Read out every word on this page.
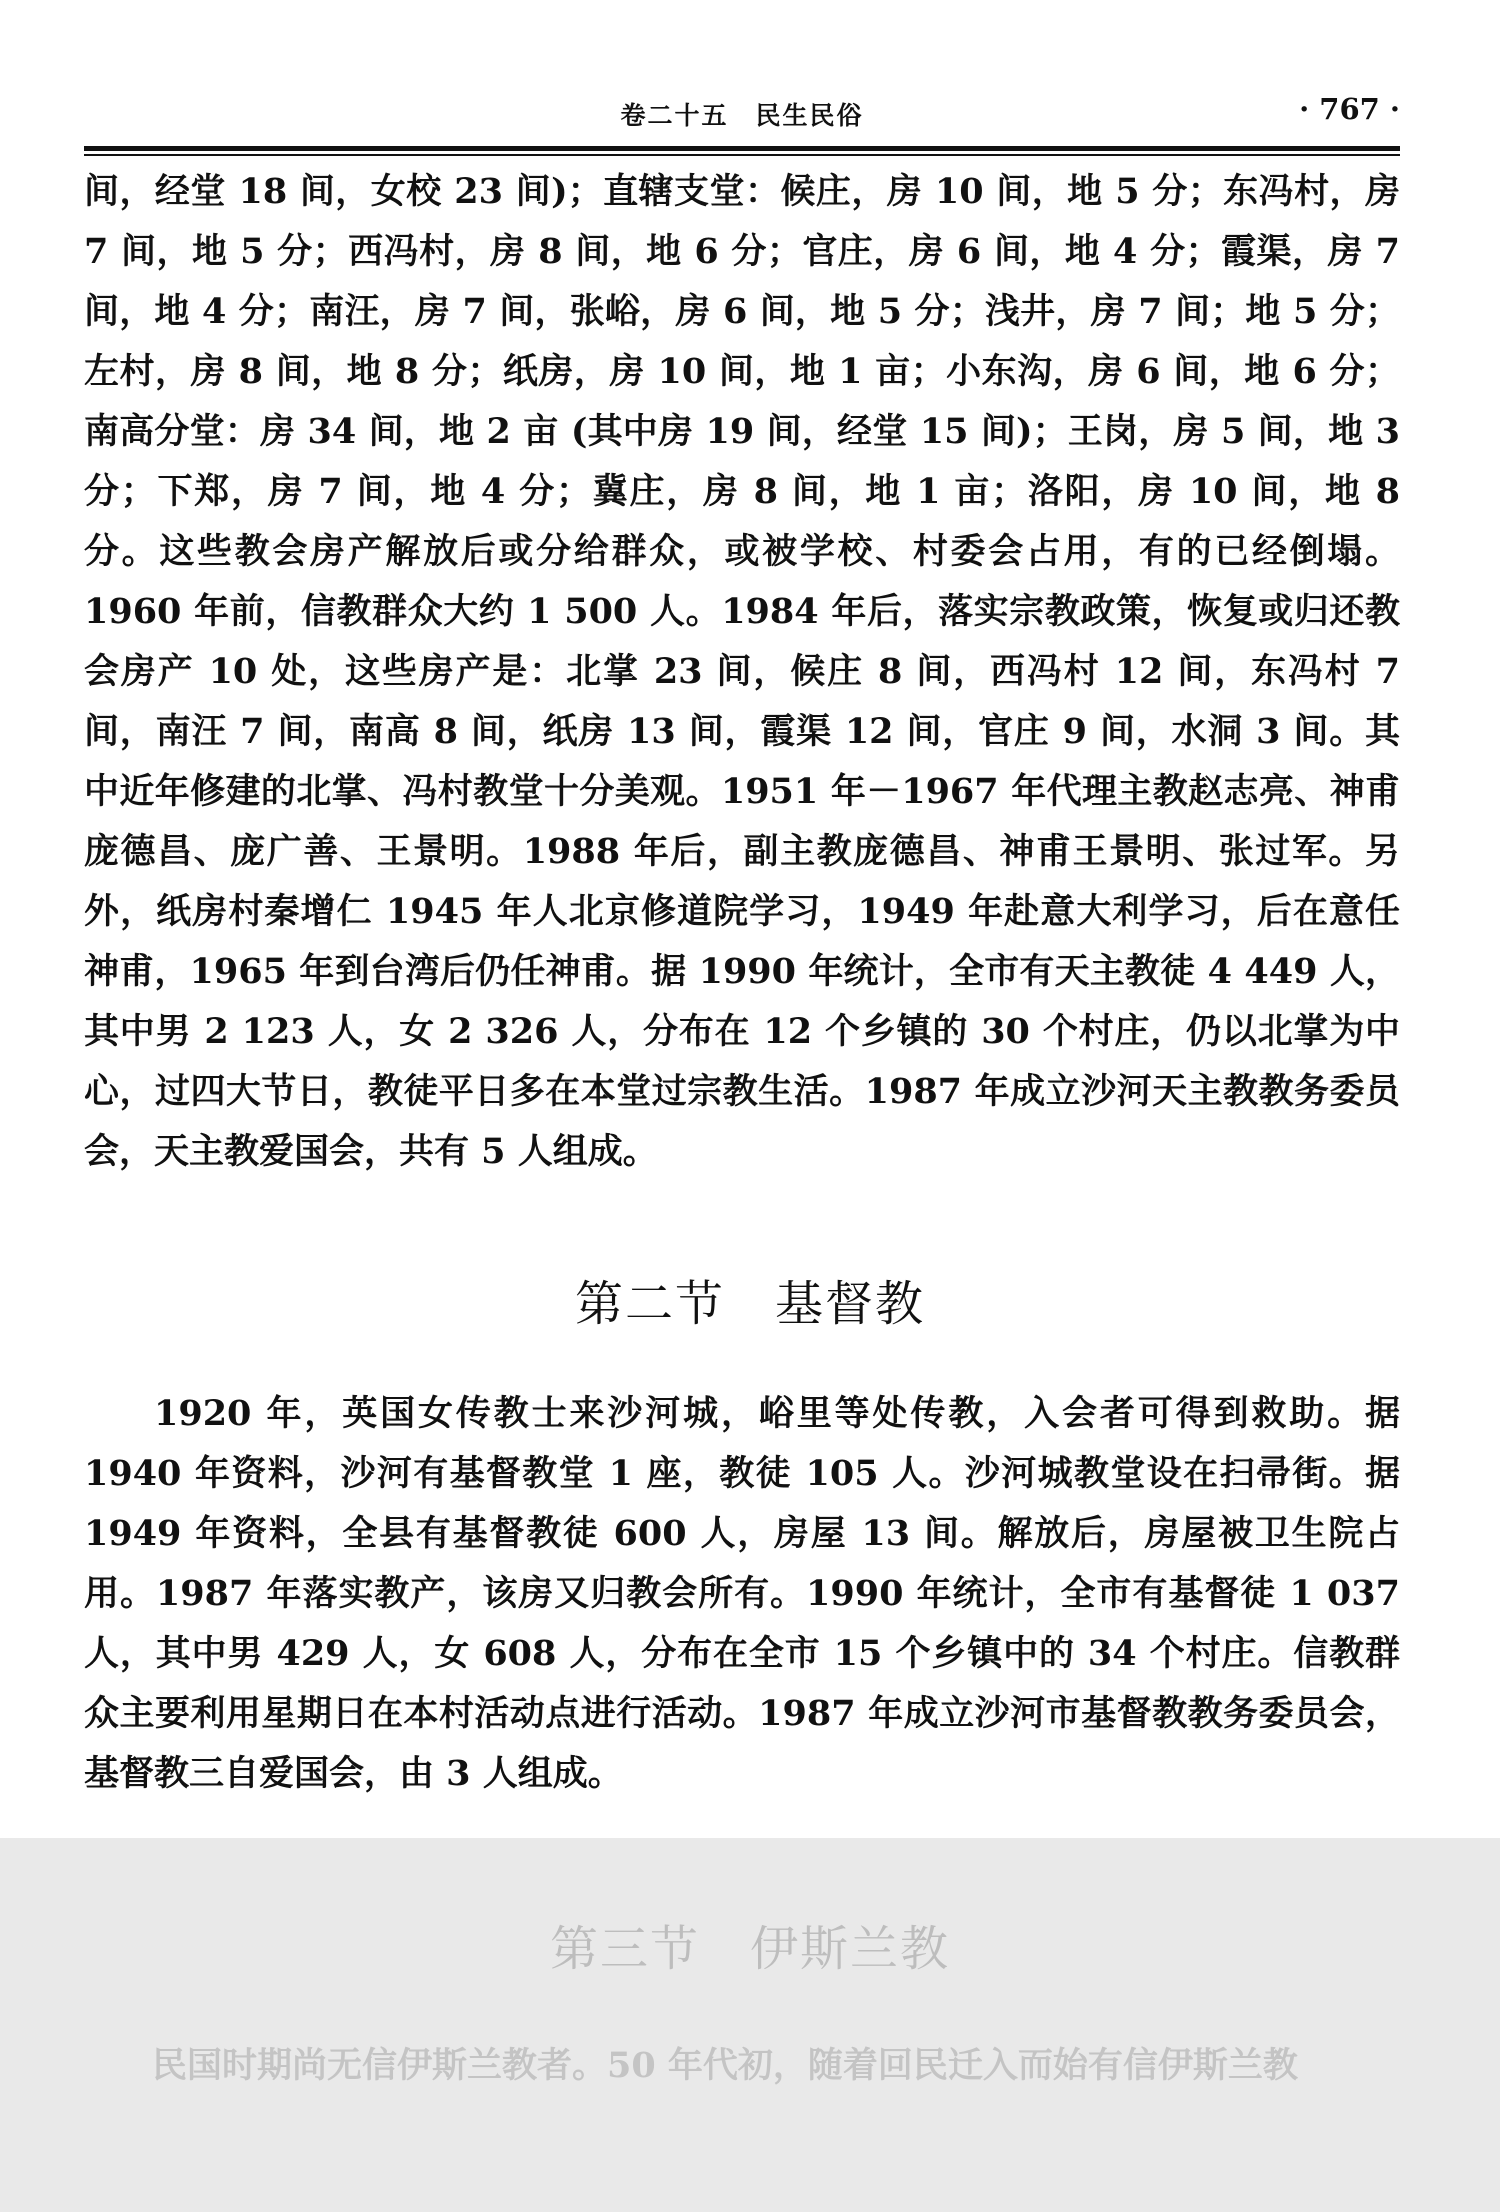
卷二十五　民生民俗	· 767 ·

间，经堂 18 间，女校 23 间)；直辖支堂：候庄，房 10 间，地 5 分；东冯村，房 7 间，地 5 分；西冯村，房 8 间，地 6 分；官庄，房 6 间，地 4 分；霞渠，房 7 间，地 4 分；南汪，房 7 间，张峪，房 6 间，地 5 分；浅井，房 7 间；地 5 分；左村，房 8 间，地 8 分；纸房，房 10 间，地 1 亩；小东沟，房 6 间，地 6 分；南高分堂：房 34 间，地 2 亩 (其中房 19 间，经堂 15 间)；王岗，房 5 间，地 3 分；下郑，房 7 间，地 4 分；冀庄，房 8 间，地 1 亩；洛阳，房 10 间，地 8 分。这些教会房产解放后或分给群众，或被学校、村委会占用，有的已经倒塌。1960 年前，信教群众大约 1 500 人。1984 年后，落实宗教政策，恢复或归还教会房产 10 处，这些房产是：北掌 23 间，候庄 8 间，西冯村 12 间，东冯村 7 间，南汪 7 间，南高 8 间，纸房 13 间，霞渠 12 间，官庄 9 间，水洞 3 间。其中近年修建的北掌、冯村教堂十分美观。1951 年－1967 年代理主教赵志亮、神甫庞德昌、庞广善、王景明。1988 年后，副主教庞德昌、神甫王景明、张过军。另外，纸房村秦增仁 1945 年人北京修道院学习，1949 年赴意大利学习，后在意任神甫，1965 年到台湾后仍任神甫。据 1990 年统计，全市有天主教徒 4 449 人，其中男 2 123 人，女 2 326 人，分布在 12 个乡镇的 30 个村庄，仍以北掌为中心，过四大节日，教徒平日多在本堂过宗教生活。1987 年成立沙河天主教教务委员会，天主教爱国会，共有 5 人组成。

第二节　基督教

1920 年，英国女传教士来沙河城，峪里等处传教，入会者可得到救助。据 1940 年资料，沙河有基督教堂 1 座，教徒 105 人。沙河城教堂设在扫帚街。据 1949 年资料，全县有基督教徒 600 人，房屋 13 间。解放后，房屋被卫生院占用。1987 年落实教产，该房又归教会所有。1990 年统计，全市有基督徒 1 037 人，其中男 429 人，女 608 人，分布在全市 15 个乡镇中的 34 个村庄。信教群众主要利用星期日在本村活动点进行活动。1987 年成立沙河市基督教教务委员会，基督教三自爱国会，由 3 人组成。

第三节　伊斯兰教

民国时期尚无信伊斯兰教者。50 年代初，随着回民迁入而始有信伊斯兰教
